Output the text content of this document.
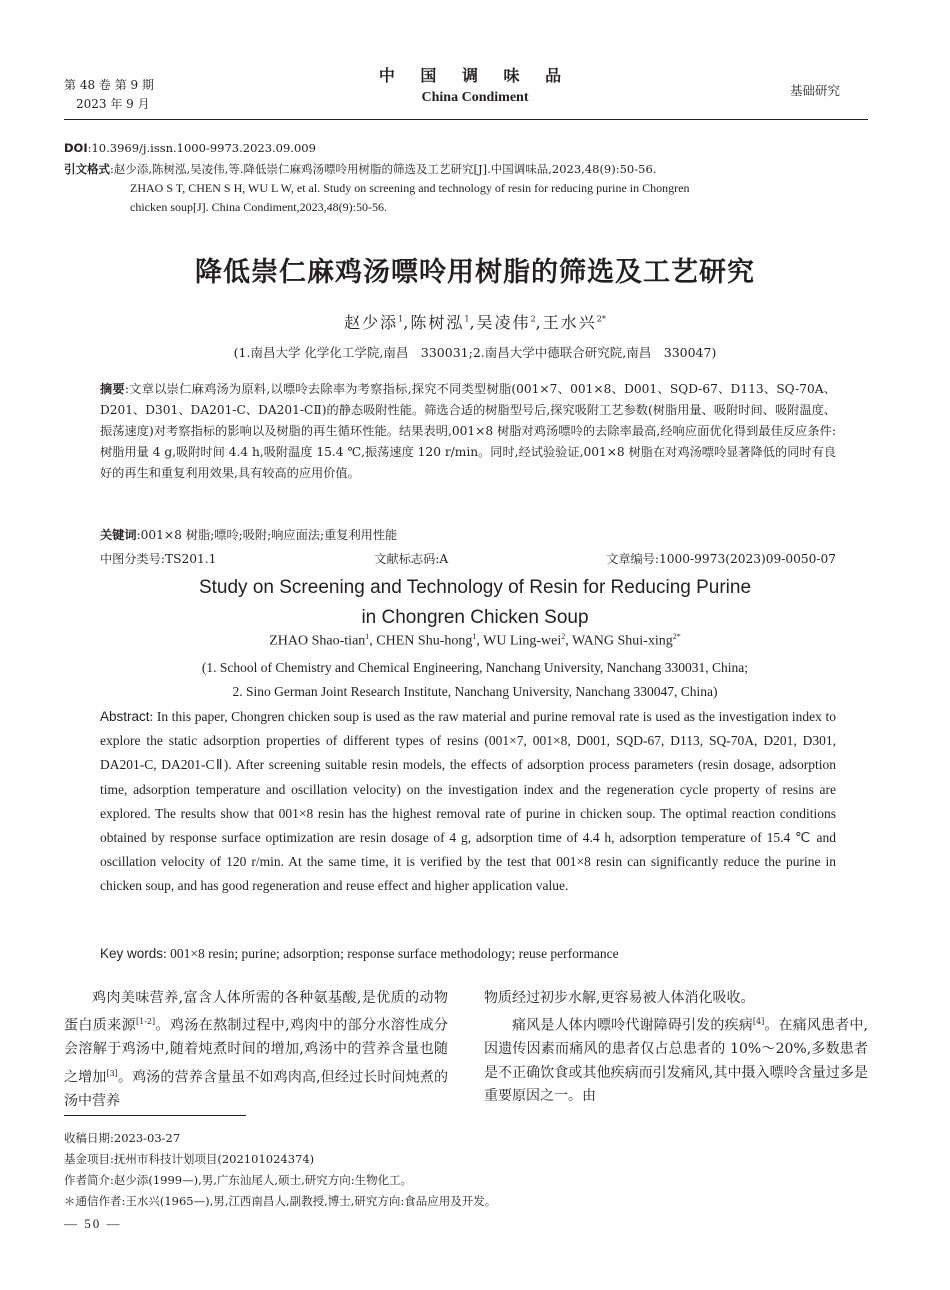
第 48 卷 第 9 期
2023 年 9 月
中 国 调 味 品
China Condiment	基础研究
DOI:10.3969/j.issn.1000-9973.2023.09.009
引文格式:赵少添,陈树泓,吴凌伟,等.降低崇仁麻鸡汤嘌呤用树脂的筛选及工艺研究[J].中国调味品,2023,48(9):50-56.
ZHAO S T, CHEN S H, WU L W, et al. Study on screening and technology of resin for reducing purine in Chongren
chicken soup[J]. China Condiment,2023,48(9):50-56.
降低崇仁麻鸡汤嘌呤用树脂的筛选及工艺研究
赵少添$^1$,陈树泓$^1$,吴凌伟$^2$,王水兴$^{2*}$
(1.南昌大学 化学化工学院,南昌　330031;2.南昌大学中德联合研究院,南昌　330047)
摘要:文章以崇仁麻鸡汤为原料,以嘌呤去除率为考察指标,探究不同类型树脂(001×7、001×8、D001、SQD-67、D113、SQ-70A、D201、D301、DA201-C、DA201-CⅡ)的静态吸附性能。筛选合适的树脂型号后,探究吸附工艺参数(树脂用量、吸附时间、吸附温度、振荡速度)对考察指标的影响以及树脂的再生循环性能。结果表明,001×8 树脂对鸡汤嘌呤的去除率最高,经响应面优化得到最佳反应条件:树脂用量 4 g,吸附时间 4.4 h,吸附温度 15.4 ℃,振荡速度 120 r/min。同时,经试验验证,001×8 树脂在对鸡汤嘌呤显著降低的同时有良好的再生和重复利用效果,具有较高的应用价值。
关键词:001×8 树脂;嘌呤;吸附;响应面法;重复利用性能
中图分类号:TS201.1	文献标志码:A	文章编号:1000-9973(2023)09-0050-07
Study on Screening and Technology of Resin for Reducing Purine
in Chongren Chicken Soup
ZHAO Shao-tian$^1$, CHEN Shu-hong$^1$, WU Ling-wei$^2$, WANG Shui-xing$^{2*}$
(1. School of Chemistry and Chemical Engineering, Nanchang University, Nanchang 330031, China;
2. Sino German Joint Research Institute, Nanchang University, Nanchang 330047, China)
Abstract: In this paper, Chongren chicken soup is used as the raw material and purine removal rate is used as the investigation index to explore the static adsorption properties of different types of resins (001×7, 001×8, D001, SQD-67, D113, SQ-70A, D201, D301, DA201-C, DA201-CⅡ). After screening suitable resin models, the effects of adsorption process parameters (resin dosage, adsorption time, adsorption temperature and oscillation velocity) on the investigation index and the regeneration cycle property of resins are explored. The results show that 001×8 resin has the highest removal rate of purine in chicken soup. The optimal reaction conditions obtained by response surface optimization are resin dosage of 4 g, adsorption time of 4.4 h, adsorption temperature of 15.4 ℃ and oscillation velocity of 120 r/min. At the same time, it is verified by the test that 001×8 resin can significantly reduce the purine in chicken soup, and has good regeneration and reuse effect and higher application value.
Key words: 001×8 resin; purine; adsorption; response surface methodology; reuse performance

鸡肉美味营养,富含人体所需的各种氨基酸,是优质的动物蛋白质来源[1-2]。鸡汤在熬制过程中,鸡肉中的部分水溶性成分会溶解于鸡汤中,随着炖煮时间的增加,鸡汤中的营养含量也随之增加[3]。鸡汤的营养含量虽不如鸡肉高,但经过长时间炖煮的汤中营养

物质经过初步水解,更容易被人体消化吸收。

痛风是人体内嘌呤代谢障碍引发的疾病[4]。在痛风患者中,因遗传因素而痛风的患者仅占总患者的 10%～20%,多数患者是不正确饮食或其他疾病而引发痛风,其中摄入嘌呤含量过多是重要原因之一。由

收稿日期:2023-03-27
基金项目:抚州市科技计划项目(202101024374)
作者简介:赵少添(1999—),男,广东汕尾人,硕士,研究方向:生物化工。
＊通信作者:王水兴(1965—),男,江西南昌人,副教授,博士,研究方向:食品应用及开发。
— 50 —
